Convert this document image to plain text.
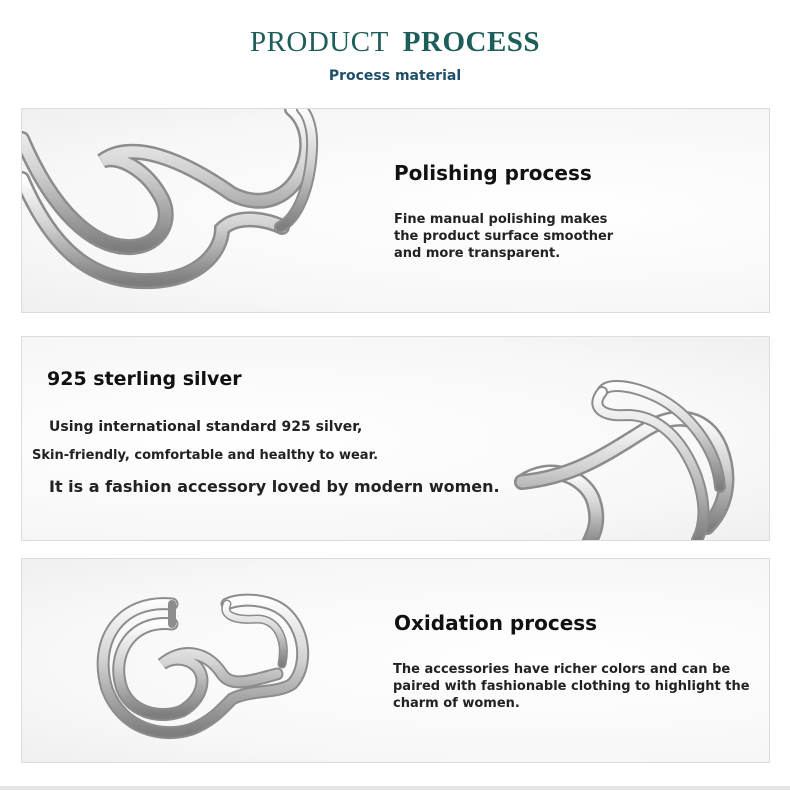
PRODUCT PROCESS
Process material
Polishing process
Fine manual polishing makes the product surface smoother and more transparent.
925 sterling silver
Using international standard 925 silver,
Skin-friendly, comfortable and healthy to wear.
It is a fashion accessory loved by modern women.
Oxidation process
The accessories have richer colors and can be paired with fashionable clothing to highlight the charm of women.
